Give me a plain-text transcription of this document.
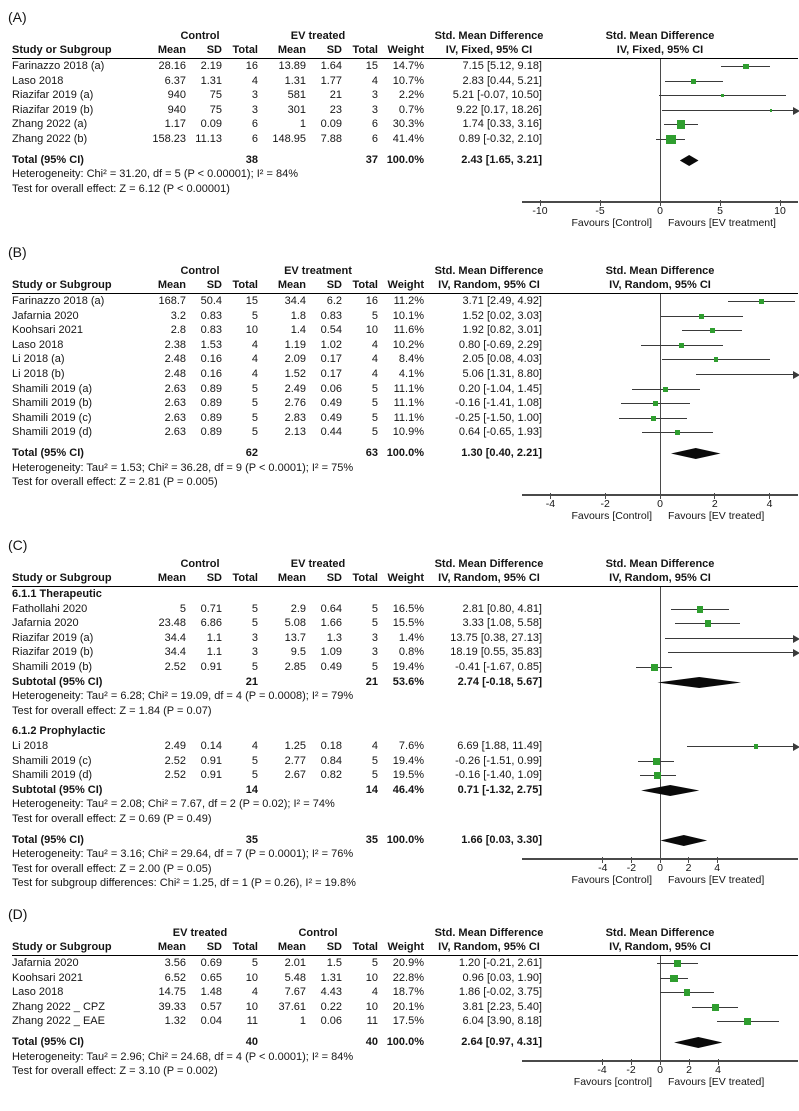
(A)
Control	EV treated	Std. Mean Difference
Study or Subgroup	Mean	SD Total	Mean	SD Total Weight	IV, Fixed, 95% CI
Farinazzo 2018 (a)	28.16	2.19	16	13.89	1.64	15	14.7%	7.15 [5.12, 9.18]
Laso 2018	6.37	1.31	4	1.31	1.77	4	10.7%	2.83 [0.44, 5.21]
Riazifar 2019 (a)	940	75	3	581	21	3	2.2%	5.21 [-0.07, 10.50]
Riazifar 2019 (b)	940	75	3	301	23	3	0.7%	9.22 [0.17, 18.26]
Zhang 2022 (a)	1.17	0.09	6	1	0.09	6	30.3%	1.74 [0.33, 3.16]
Zhang 2022 (b)	158.23 11.13	6	148.95	7.88	6	41.4%	0.89 [-0.32, 2.10]
Total (95% CI)	38	37 100.0%	2.43 [1.65, 3.21]
Heterogeneity: Chi² = 31.20, df = 5 (P < 0.00001); I² = 84%
Test for overall effect: Z = 6.12 (P < 0.00001)
Std. Mean Difference
IV, Fixed, 95% CI
-10	-5	0	5	10
Favours [Control] Favours [EV treatment]
(B)
Control	EV treatment	Std. Mean Difference
Study or Subgroup	Mean	SD Total	Mean	SD Total Weight	IV, Random, 95% CI
Farinazzo 2018 (a)	168.7	50.4	15	34.4	6.2	16	11.2%	3.71 [2.49, 4.92]
Jafarnia 2020	3.2	0.83	5	1.8	0.83	5	10.1%	1.52 [0.02, 3.03]
Koohsari 2021	2.8	0.83	10	1.4	0.54	10	11.6%	1.92 [0.82, 3.01]
Laso 2018	2.38	1.53	4	1.19	1.02	4	10.2%	0.80 [-0.69, 2.29]
Li 2018 (a)	2.48	0.16	4	2.09	0.17	4	8.4%	2.05 [0.08, 4.03]
Li 2018 (b)	2.48	0.16	4	1.52	0.17	4	4.1%	5.06 [1.31, 8.80]
Shamili 2019 (a)	2.63	0.89	5	2.49	0.06	5	11.1%	0.20 [-1.04, 1.45]
Shamili 2019 (b)	2.63	0.89	5	2.76	0.49	5	11.1%	-0.16 [-1.41, 1.08]
Shamili 2019 (c)	2.63	0.89	5	2.83	0.49	5	11.1%	-0.25 [-1.50, 1.00]
Shamili 2019 (d)	2.63	0.89	5	2.13	0.44	5	10.9%	0.64 [-0.65, 1.93]
Total (95% CI)	62	63 100.0%	1.30 [0.40, 2.21]
Heterogeneity: Tau² = 1.53; Chi² = 36.28, df = 9 (P < 0.0001); I² = 75%
Test for overall effect: Z = 2.81 (P = 0.005)
Std. Mean Difference
IV, Random, 95% CI
-4	-2	0	2	4
Favours [Control] Favours [EV treated]
(C)
Control	EV treated	Std. Mean Difference
Study or Subgroup	Mean	SD Total	Mean	SD Total Weight	IV, Random, 95% CI
6.1.1 Therapeutic
Fathollahi 2020	5	0.71	5	2.9	0.64	5	16.5%	2.81 [0.80, 4.81]
Jafarnia 2020	23.48	6.86	5	5.08	1.66	5	15.5%	3.33 [1.08, 5.58]
Riazifar 2019 (a)	34.4	1.1	3	13.7	1.3	3	1.4%	13.75 [0.38, 27.13]
Riazifar 2019 (b)	34.4	1.1	3	9.5	1.09	3	0.8%	18.19 [0.55, 35.83]
Shamili 2019 (b)	2.52	0.91	5	2.85	0.49	5	19.4%	-0.41 [-1.67, 0.85]
Subtotal (95% CI)	21	21	53.6%	2.74 [-0.18, 5.67]
Heterogeneity: Tau² = 6.28; Chi² = 19.09, df = 4 (P = 0.0008); I² = 79%
Test for overall effect: Z = 1.84 (P = 0.07)
6.1.2 Prophylactic
Li 2018	2.49	0.14	4	1.25	0.18	4	7.6%	6.69 [1.88, 11.49]
Shamili 2019 (c)	2.52	0.91	5	2.77	0.84	5	19.4%	-0.26 [-1.51, 0.99]
Shamili 2019 (d)	2.52	0.91	5	2.67	0.82	5	19.5%	-0.16 [-1.40, 1.09]
Subtotal (95% CI)	14	14	46.4%	0.71 [-1.32, 2.75]
Heterogeneity: Tau² = 2.08; Chi² = 7.67, df = 2 (P = 0.02); I² = 74%
Test for overall effect: Z = 0.69 (P = 0.49)
Total (95% CI)	35	35 100.0%	1.66 [0.03, 3.30]
Heterogeneity: Tau² = 3.16; Chi² = 29.64, df = 7 (P = 0.0001); I² = 76%
Test for overall effect: Z = 2.00 (P = 0.05)
Test for subgroup differences: Chi² = 1.25, df = 1 (P = 0.26), I² = 19.8%
Std. Mean Difference
IV, Random, 95% CI
-4	-2	0	2	4
Favours [Control] Favours [EV treated]
(D)
EV treated	Control	Std. Mean Difference
Study or Subgroup	Mean	SD Total	Mean	SD Total Weight	IV, Random, 95% CI
Jafarnia 2020	3.56	0.69	5	2.01	1.5	5	20.9%	1.20 [-0.21, 2.61]
Koohsari 2021	6.52	0.65	10	5.48	1.31	10	22.8%	0.96 [0.03, 1.90]
Laso 2018	14.75	1.48	4	7.67	4.43	4	18.7%	1.86 [-0.02, 3.75]
Zhang 2022 _ CPZ	39.33	0.57	10	37.61	0.22	10	20.1%	3.81 [2.23, 5.40]
Zhang 2022 _ EAE	1.32	0.04	11	1	0.06	11	17.5%	6.04 [3.90, 8.18]
Total (95% CI)	40	40 100.0%	2.64 [0.97, 4.31]
Heterogeneity: Tau² = 2.96; Chi² = 24.68, df = 4 (P < 0.0001); I² = 84%
Test for overall effect: Z = 3.10 (P = 0.002)
Std. Mean Difference
IV, Random, 95% CI
-4	-2	0	2	4
Favours [control] Favours [EV treated]
